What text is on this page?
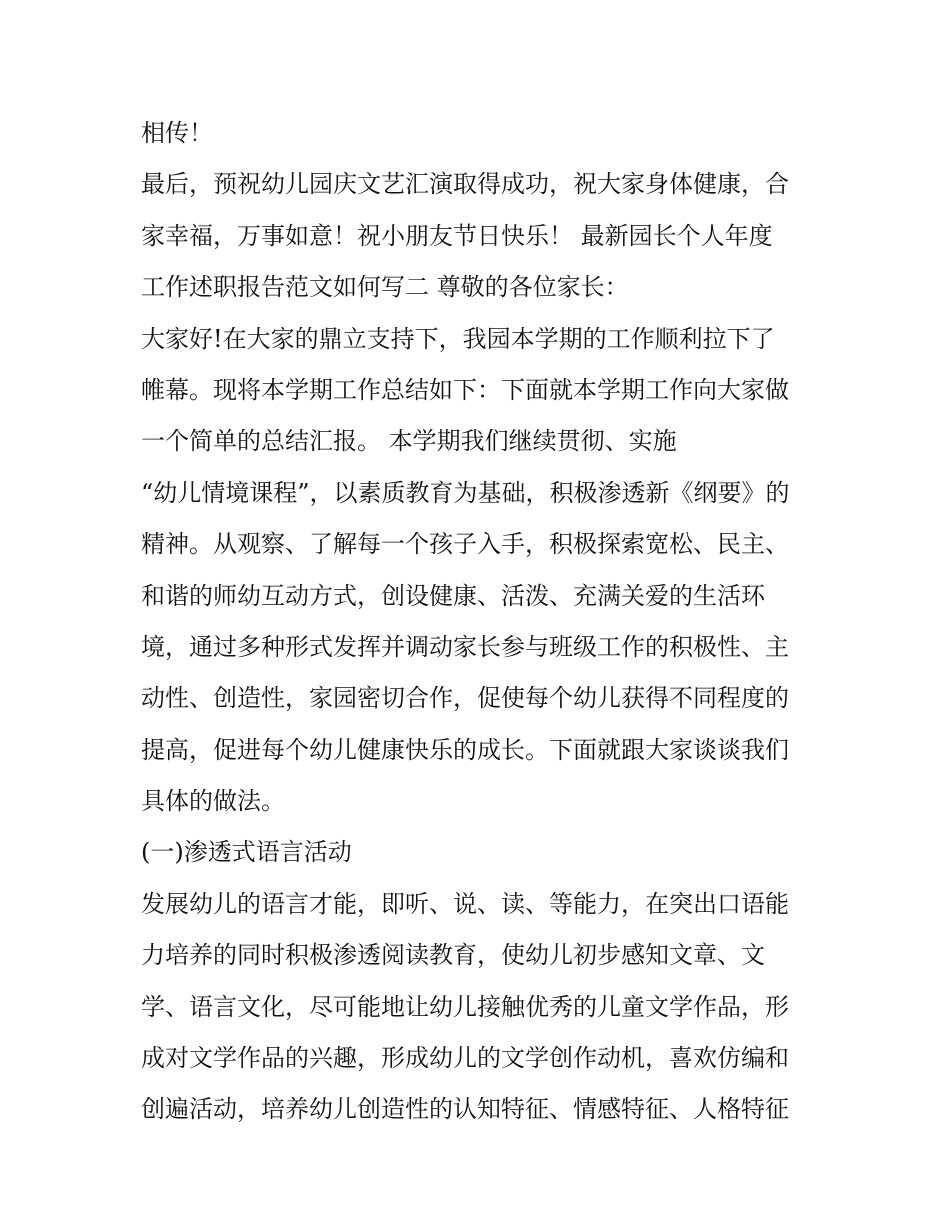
相传！

最后，预祝幼儿园庆文艺汇演取得成功，祝大家身体健康，合

家幸福，万事如意！祝小朋友节日快乐！ 最新园长个人年度

工作述职报告范文如何写二 尊敬的各位家长：

大家好!在大家的鼎立支持下，我园本学期的工作顺利拉下了

帷幕。现将本学期工作总结如下：下面就本学期工作向大家做

一个简单的总结汇报。 本学期我们继续贯彻、实施

“幼儿情境课程”，以素质教育为基础，积极渗透新《纲要》的

精神。从观察、了解每一个孩子入手，积极探索宽松、民主、

和谐的师幼互动方式，创设健康、活泼、充满关爱的生活环

境，通过多种形式发挥并调动家长参与班级工作的积极性、主

动性、创造性，家园密切合作，促使每个幼儿获得不同程度的

提高，促进每个幼儿健康快乐的成长。下面就跟大家谈谈我们

具体的做法。

(一)渗透式语言活动

发展幼儿的语言才能，即听、说、读、等能力，在突出口语能

力培养的同时积极渗透阅读教育，使幼儿初步感知文章、文

学、语言文化，尽可能地让幼儿接触优秀的儿童文学作品，形

成对文学作品的兴趣，形成幼儿的文学创作动机，喜欢仿编和

创遍活动，培养幼儿创造性的认知特征、情感特征、人格特征
